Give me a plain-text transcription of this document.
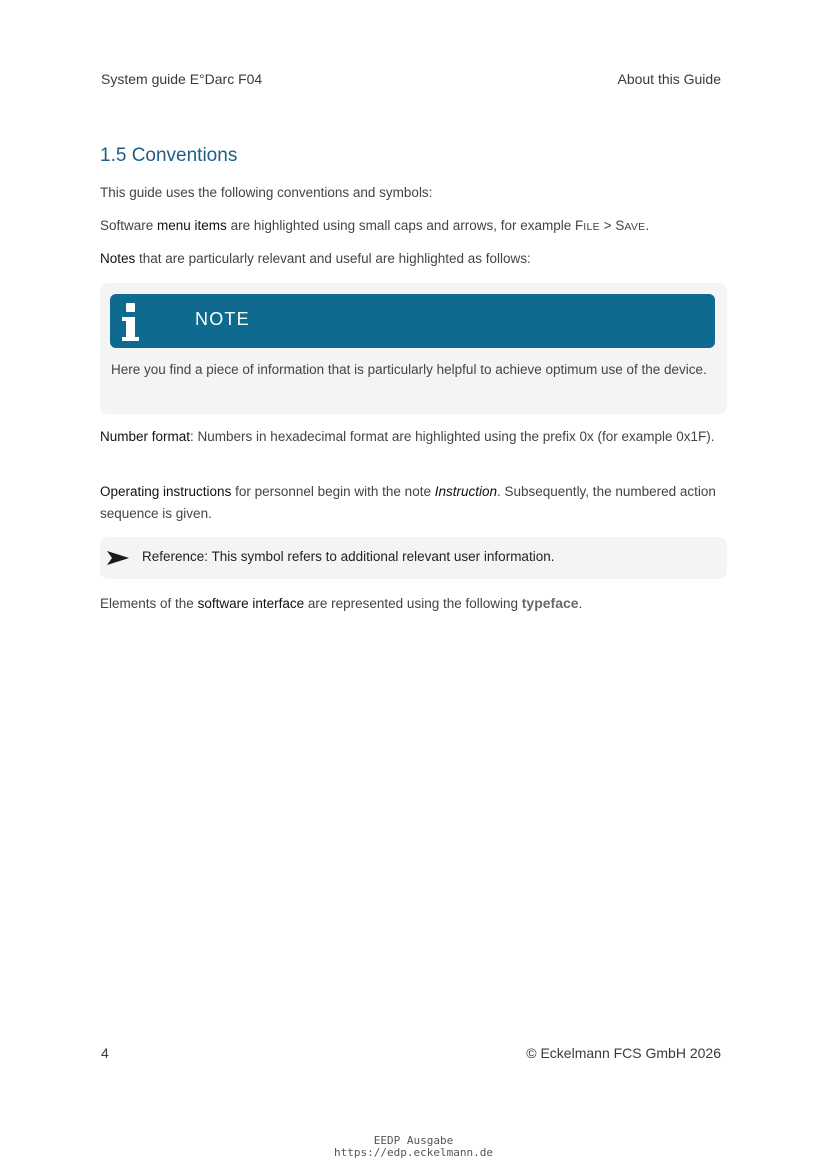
System guide E°Darc F04	About this Guide
1.5 Conventions
This guide uses the following conventions and symbols:
Software menu items are highlighted using small caps and arrows, for example FILE > SAVE.
Notes that are particularly relevant and useful are highlighted as follows:
NOTE
Here you find a piece of information that is particularly helpful to achieve optimum use of the device.
Number format: Numbers in hexadecimal format are highlighted using the prefix 0x (for example 0x1F).
Operating instructions for personnel begin with the note Instruction. Subsequently, the numbered action sequence is given.
Reference: This symbol refers to additional relevant user information.
Elements of the software interface are represented using the following typeface.
4	© Eckelmann FCS GmbH 2026
EEDP Ausgabe
https://edp.eckelmann.de
